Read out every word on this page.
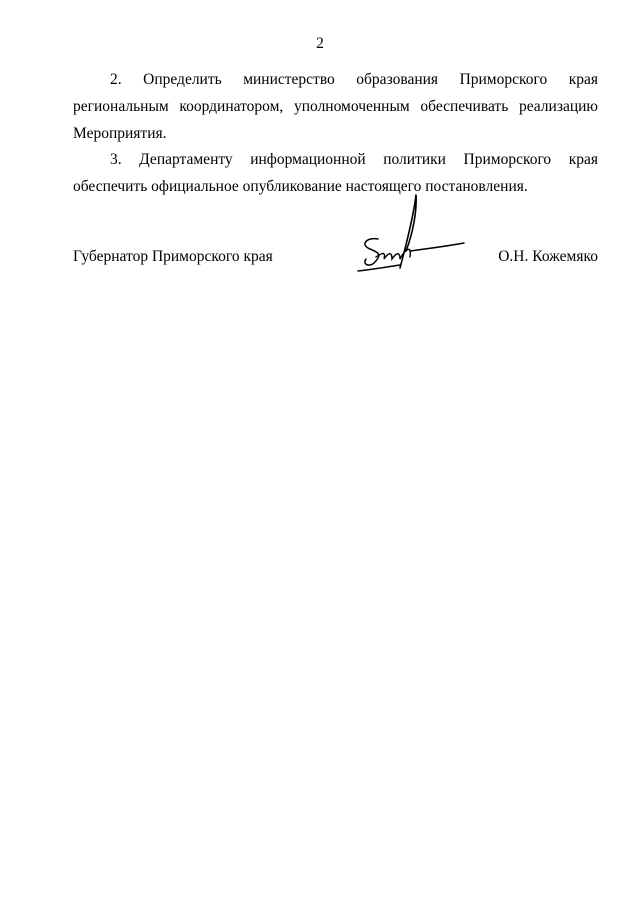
2
2. Определить министерство образования Приморского края
региональным координатором, уполномоченным обеспечивать реализацию
Мероприятия.
3. Департаменту информационной политики Приморского края
обеспечить официальное опубликование настоящего постановления.
Губернатор Приморского края	О.Н. Кожемяко
